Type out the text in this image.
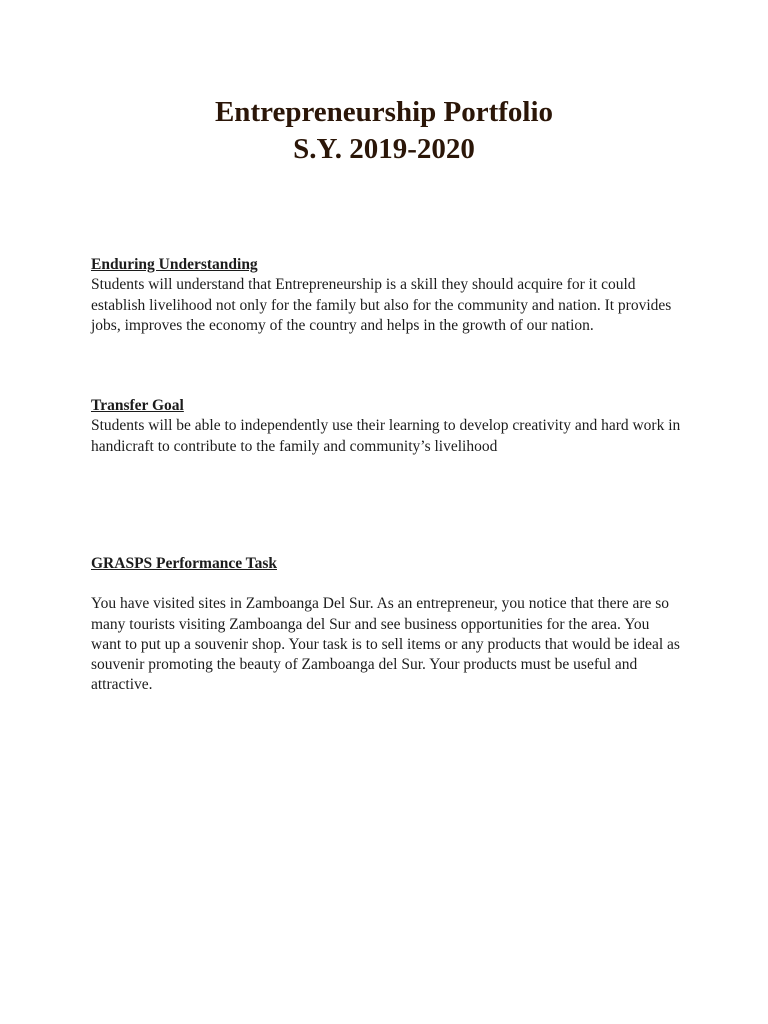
Entrepreneurship Portfolio
S.Y. 2019-2020
Enduring Understanding
Students will understand that Entrepreneurship is a skill they should acquire for it could establish livelihood not only for the family but also for the community and nation. It provides jobs, improves the economy of the country and helps in the growth of our nation.
Transfer Goal
Students will be able to independently use their learning to develop creativity and hard work in handicraft to contribute to the family and community’s livelihood
GRASPS Performance Task
You have visited sites in Zamboanga Del Sur. As an entrepreneur, you notice that there are so many tourists visiting Zamboanga del Sur and see business opportunities for the area. You want to put up a souvenir shop. Your task is to sell items or any products that would be ideal as souvenir promoting the beauty of Zamboanga del Sur. Your products must be useful and attractive.
